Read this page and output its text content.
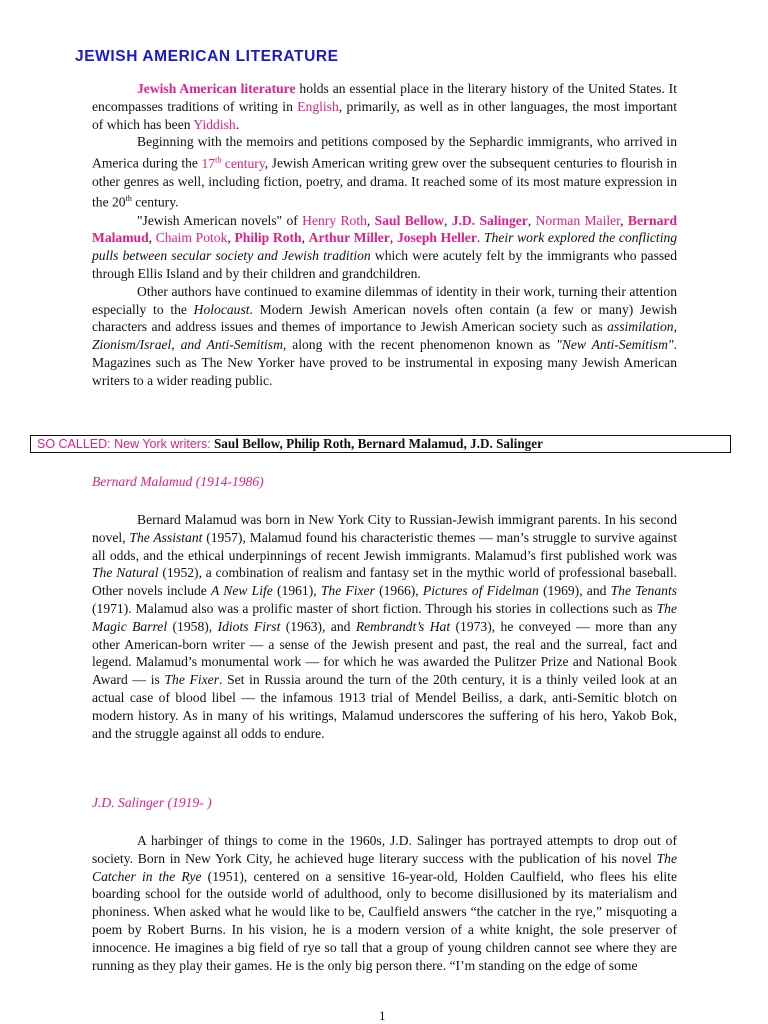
JEWISH AMERICAN LITERATURE

Jewish American literature holds an essential place in the literary history of the United States. It encompasses traditions of writing in English, primarily, as well as in other languages, the most important of which has been Yiddish.

Beginning with the memoirs and petitions composed by the Sephardic immigrants, who arrived in America during the 17th century, Jewish American writing grew over the subsequent centuries to flourish in other genres as well, including fiction, poetry, and drama. It reached some of its most mature expression in the 20th century.

"Jewish American novels" of Henry Roth, Saul Bellow, J.D. Salinger, Norman Mailer, Bernard Malamud, Chaim Potok, Philip Roth, Arthur Miller, Joseph Heller. Their work explored the conflicting pulls between secular society and Jewish tradition which were acutely felt by the immigrants who passed through Ellis Island and by their children and grandchildren.

Other authors have continued to examine dilemmas of identity in their work, turning their attention especially to the Holocaust. Modern Jewish American novels often contain (a few or many) Jewish characters and address issues and themes of importance to Jewish American society such as assimilation, Zionism/Israel, and Anti-Semitism, along with the recent phenomenon known as "New Anti-Semitism". Magazines such as The New Yorker have proved to be instrumental in exposing many Jewish American writers to a wider reading public.

SO CALLED: New York writers: Saul Bellow, Philip Roth, Bernard Malamud, J.D. Salinger
Bernard Malamud (1914-1986)

Bernard Malamud was born in New York City to Russian-Jewish immigrant parents. In his second novel, The Assistant (1957), Malamud found his characteristic themes — man’s struggle to survive against all odds, and the ethical underpinnings of recent Jewish immigrants. Malamud’s first published work was The Natural (1952), a combination of realism and fantasy set in the mythic world of professional baseball. Other novels include A New Life (1961), The Fixer (1966), Pictures of Fidelman (1969), and The Tenants (1971). Malamud also was a prolific master of short fiction. Through his stories in collections such as The Magic Barrel (1958), Idiots First (1963), and Rembrandt’s Hat (1973), he conveyed — more than any other American-born writer — a sense of the Jewish present and past, the real and the surreal, fact and legend. Malamud’s monumental work — for which he was awarded the Pulitzer Prize and National Book Award — is The Fixer. Set in Russia around the turn of the 20th century, it is a thinly veiled look at an actual case of blood libel — the infamous 1913 trial of Mendel Beiliss, a dark, anti-Semitic blotch on modern history. As in many of his writings, Malamud underscores the suffering of his hero, Yakob Bok, and the struggle against all odds to endure.

J.D. Salinger (1919- )

A harbinger of things to come in the 1960s, J.D. Salinger has portrayed attempts to drop out of society. Born in New York City, he achieved huge literary success with the publication of his novel The Catcher in the Rye (1951), centered on a sensitive 16-year-old, Holden Caulfield, who flees his elite boarding school for the outside world of adulthood, only to become disillusioned by its materialism and phoniness. When asked what he would like to be, Caulfield answers “the catcher in the rye,” misquoting a poem by Robert Burns. In his vision, he is a modern version of a white knight, the sole preserver of innocence. He imagines a big field of rye so tall that a group of young children cannot see where they are running as they play their games. He is the only big person there. “I’m standing on the edge of some

1
